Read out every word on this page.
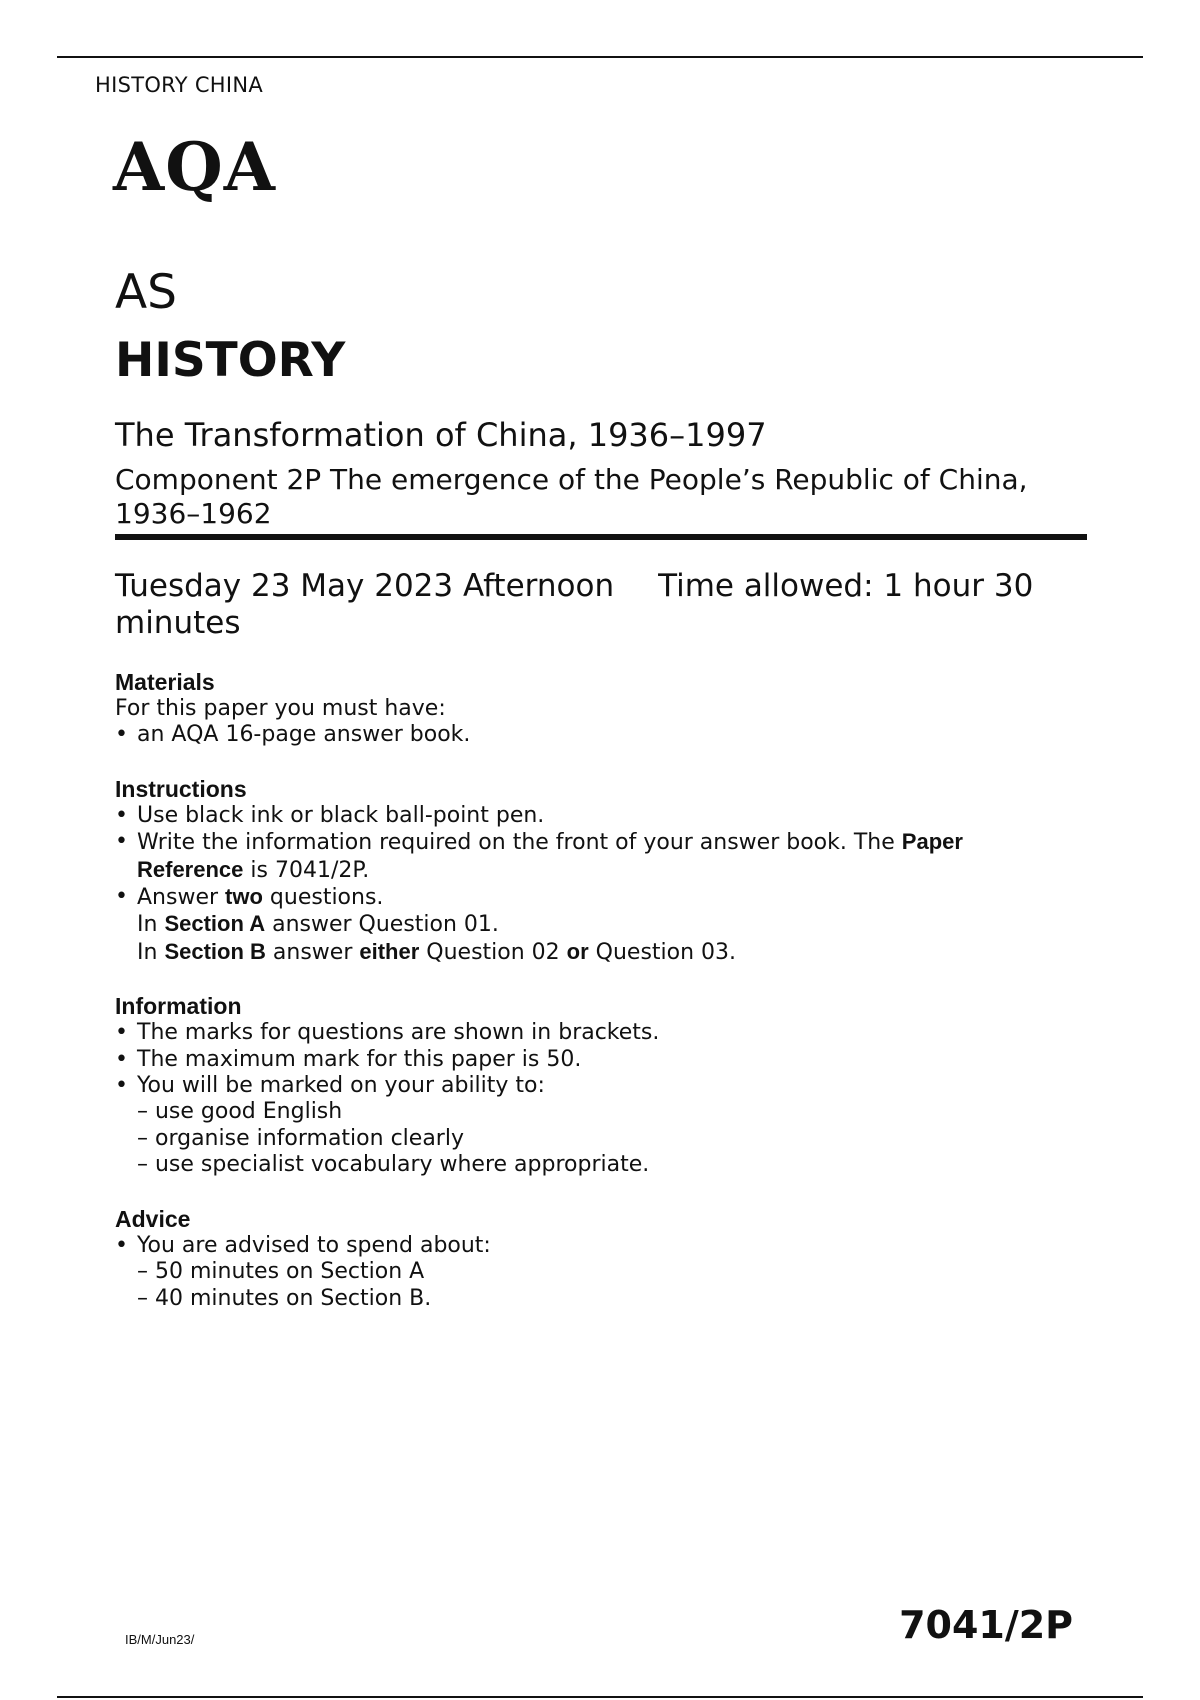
HISTORY CHINA
AQA
AS
HISTORY
The Transformation of China, 1936–1997
Component 2P The emergence of the People’s Republic of China, 1936–1962
Tuesday 23 May 2023 Afternoon Time allowed: 1 hour 30 minutes
Materials
For this paper you must have:
• an AQA 16-page answer book.
Instructions
• Use black ink or black ball-point pen.
• Write the information required on the front of your answer book. The Paper Reference is 7041/2P.
• Answer two questions.
In Section A answer Question 01.
In Section B answer either Question 02 or Question 03.
Information
• The marks for questions are shown in brackets.
• The maximum mark for this paper is 50.
• You will be marked on your ability to:
– use good English
– organise information clearly
– use specialist vocabulary where appropriate.
Advice
• You are advised to spend about:
– 50 minutes on Section A
– 40 minutes on Section B.
IB/M/Jun23/	7041/2P
